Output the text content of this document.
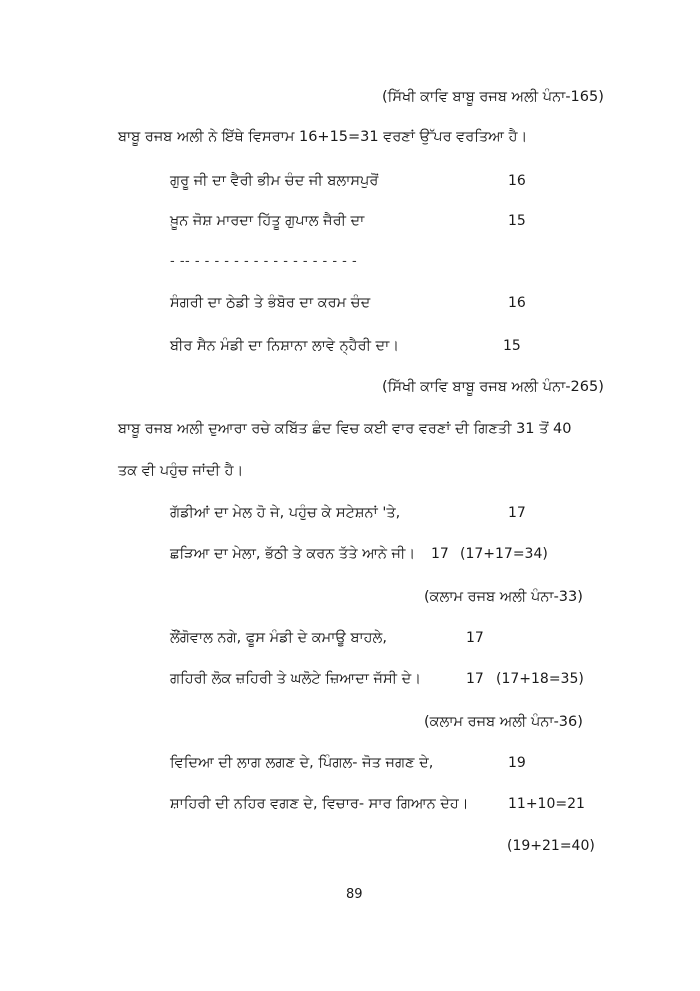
(ਸਿੱਖੀ ਕਾਵਿ ਬਾਬੂ ਰਜਬ ਅਲੀ ਪੰਨਾ-165)
ਬਾਬੂ ਰਜਬ ਅਲੀ ਨੇ ਇੱਥੇ ਵਿਸਰਾਮ 16+15=31 ਵਰਣਾਂ ਉੱਪਰ ਵਰਤਿਆ ਹੈ।
ਗੁਰੂ ਜੀ ਦਾ ਵੈਰੀ ਭੀਮ ਚੰਦ ਜੀ ਬਲਾਸਪੁਰੋਂ	16
ਖ਼ੂਨ ਜੋਸ਼ ਮਾਰਦਾ ਹਿੱਤੂ ਗੁਪਾਲ ਜੈਰੀ ਦਾ	15
- -- - - - - - - - - - - - - - - - - -
ਸੰਗਰੀ ਦਾ ਠੇਡੀ ਤੇ ਭੰਬੋਰ ਦਾ ਕਰਮ ਚੰਦ	16
ਬੀਰ ਸੈਨ ਮੰਡੀ ਦਾ ਨਿਸ਼ਾਨਾ ਲਾਵੇ ਨ੍ਹੈਰੀ ਦਾ।	15
(ਸਿੱਖੀ ਕਾਵਿ ਬਾਬੂ ਰਜਬ ਅਲੀ ਪੰਨਾ-265)
ਬਾਬੂ ਰਜਬ ਅਲੀ ਦੁਆਰਾ ਰਚੇ ਕਬਿੱਤ ਛੰਦ ਵਿਚ ਕਈ ਵਾਰ ਵਰਣਾਂ ਦੀ ਗਿਣਤੀ 31 ਤੋਂ 40
ਤਕ ਵੀ ਪਹੁੰਚ ਜਾਂਦੀ ਹੈ।
ਗੱਡੀਆਂ ਦਾ ਮੇਲ ਹੋ ਜੇ, ਪਹੁੰਚ ਕੇ ਸਟੇਸ਼ਨਾਂ 'ਤੇ,	17
ਛੜਿਆ ਦਾ ਮੇਲਾ, ਭੱਠੀ ਤੇ ਕਰਨ ਤੱਤੇ ਆਨੇ ਜੀ। 17 (17+17=34)
(ਕਲਾਮ ਰਜਬ ਅਲੀ ਪੰਨਾ-33)
ਲੌਂਗੋਵਾਲ ਨਗੇ, ਫੂਸ ਮੰਡੀ ਦੇ ਕਮਾਊ ਬਾਹਲੇ,	17
ਗਹਿਰੀ ਲੋਕ ਜ਼ਹਿਰੀ ਤੇ ਘਲੋਟੇ ਜ਼ਿਆਦਾ ਜੱਸੀ ਦੇ।	17 (17+18=35)
(ਕਲਾਮ ਰਜਬ ਅਲੀ ਪੰਨਾ-36)
ਵਿਦਿਆ ਦੀ ਲਾਗ ਲਗਣ ਦੇ, ਪਿੰਗਲ- ਜੋਤ ਜਗਣ ਦੇ,	19
ਸ਼ਾਹਿਰੀ ਦੀ ਨਹਿਰ ਵਗਣ ਦੇ, ਵਿਚਾਰ- ਸਾਰ ਗਿਆਨ ਦੇਹ।	11+10=21
(19+21=40)
89
